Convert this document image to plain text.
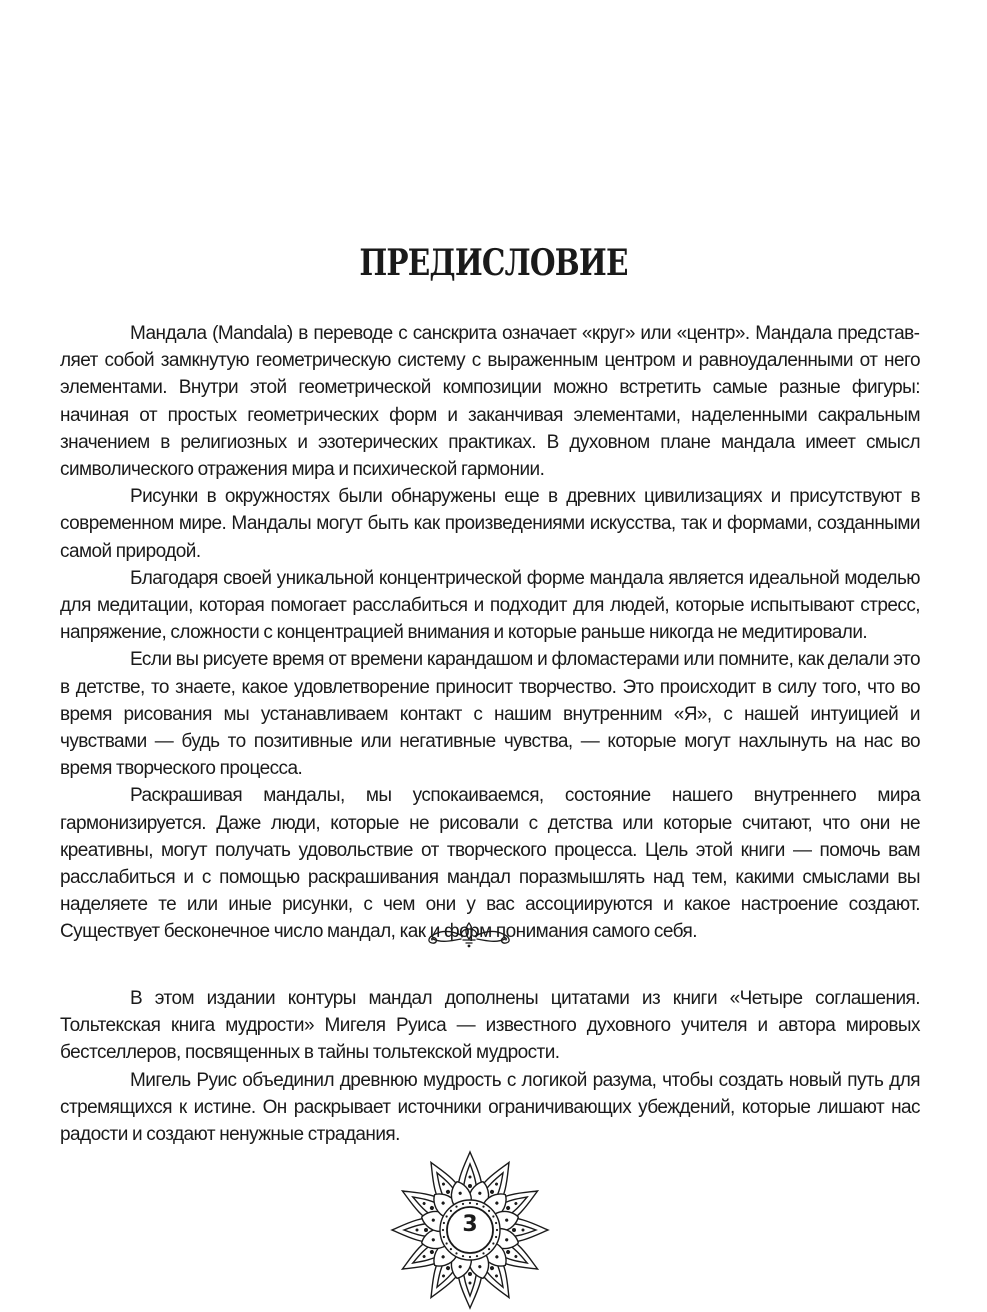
ПРЕДИСЛОВИЕ

Мандала (Mandala) в переводе с санскрита означает «круг» или «центр». Мандала представляет собой замкнутую геометрическую систему с выраженным центром и равноудаленными от него элементами. Внутри этой геометрической композиции можно встретить самые разные фигуры: начиная от простых геометрических форм и заканчивая элементами, наделенными сакральным значением в религиозных и эзотерических практиках. В духовном плане мандала имеет смысл символического отражения мира и психической гармонии.

Рисунки в окружностях были обнаружены еще в древних цивилизациях и присутствуют в современном мире. Мандалы могут быть как произведениями искусства, так и формами, созданными самой природой.

Благодаря своей уникальной концентрической форме мандала является идеальной моделью для медитации, которая помогает расслабиться и подходит для людей, которые испытывают стресс, напряжение, сложности с концентрацией внимания и которые раньше никогда не медитировали.

Если вы рисуете время от времени карандашом и фломастерами или помните, как делали это в детстве, то знаете, какое удовлетворение приносит творчество. Это происходит в силу того, что во время рисования мы устанавливаем контакт с нашим внутренним «Я», с нашей интуицией и чувствами — будь то позитивные или негативные чувства, — которые могут нахлынуть на нас во время творческого процесса.

Раскрашивая мандалы, мы успокаиваемся, состояние нашего внутреннего мира гармонизируется. Даже люди, которые не рисовали с детства или которые считают, что они не креативны, могут получать удовольствие от творческого процесса. Цель этой книги — помочь вам расслабиться и с помощью раскрашивания мандал поразмышлять над тем, какими смыслами вы наделяете те или иные рисунки, с чем они у вас ассоциируются и какое настроение создают. Существует бесконечное число мандал, как и форм понимания самого себя.

В этом издании контуры мандал дополнены цитатами из книги «Четыре соглашения. Тольтекская книга мудрости» Мигеля Руиса — известного духовного учителя и автора мировых бестселлеров, посвященных в тайны тольтекской мудрости.

Мигель Руис объединил древнюю мудрость с логикой разума, чтобы создать новый путь для стремящихся к истине. Он раскрывает источники ограничивающих убеждений, которые лишают нас радости и создают ненужные страдания.

3
